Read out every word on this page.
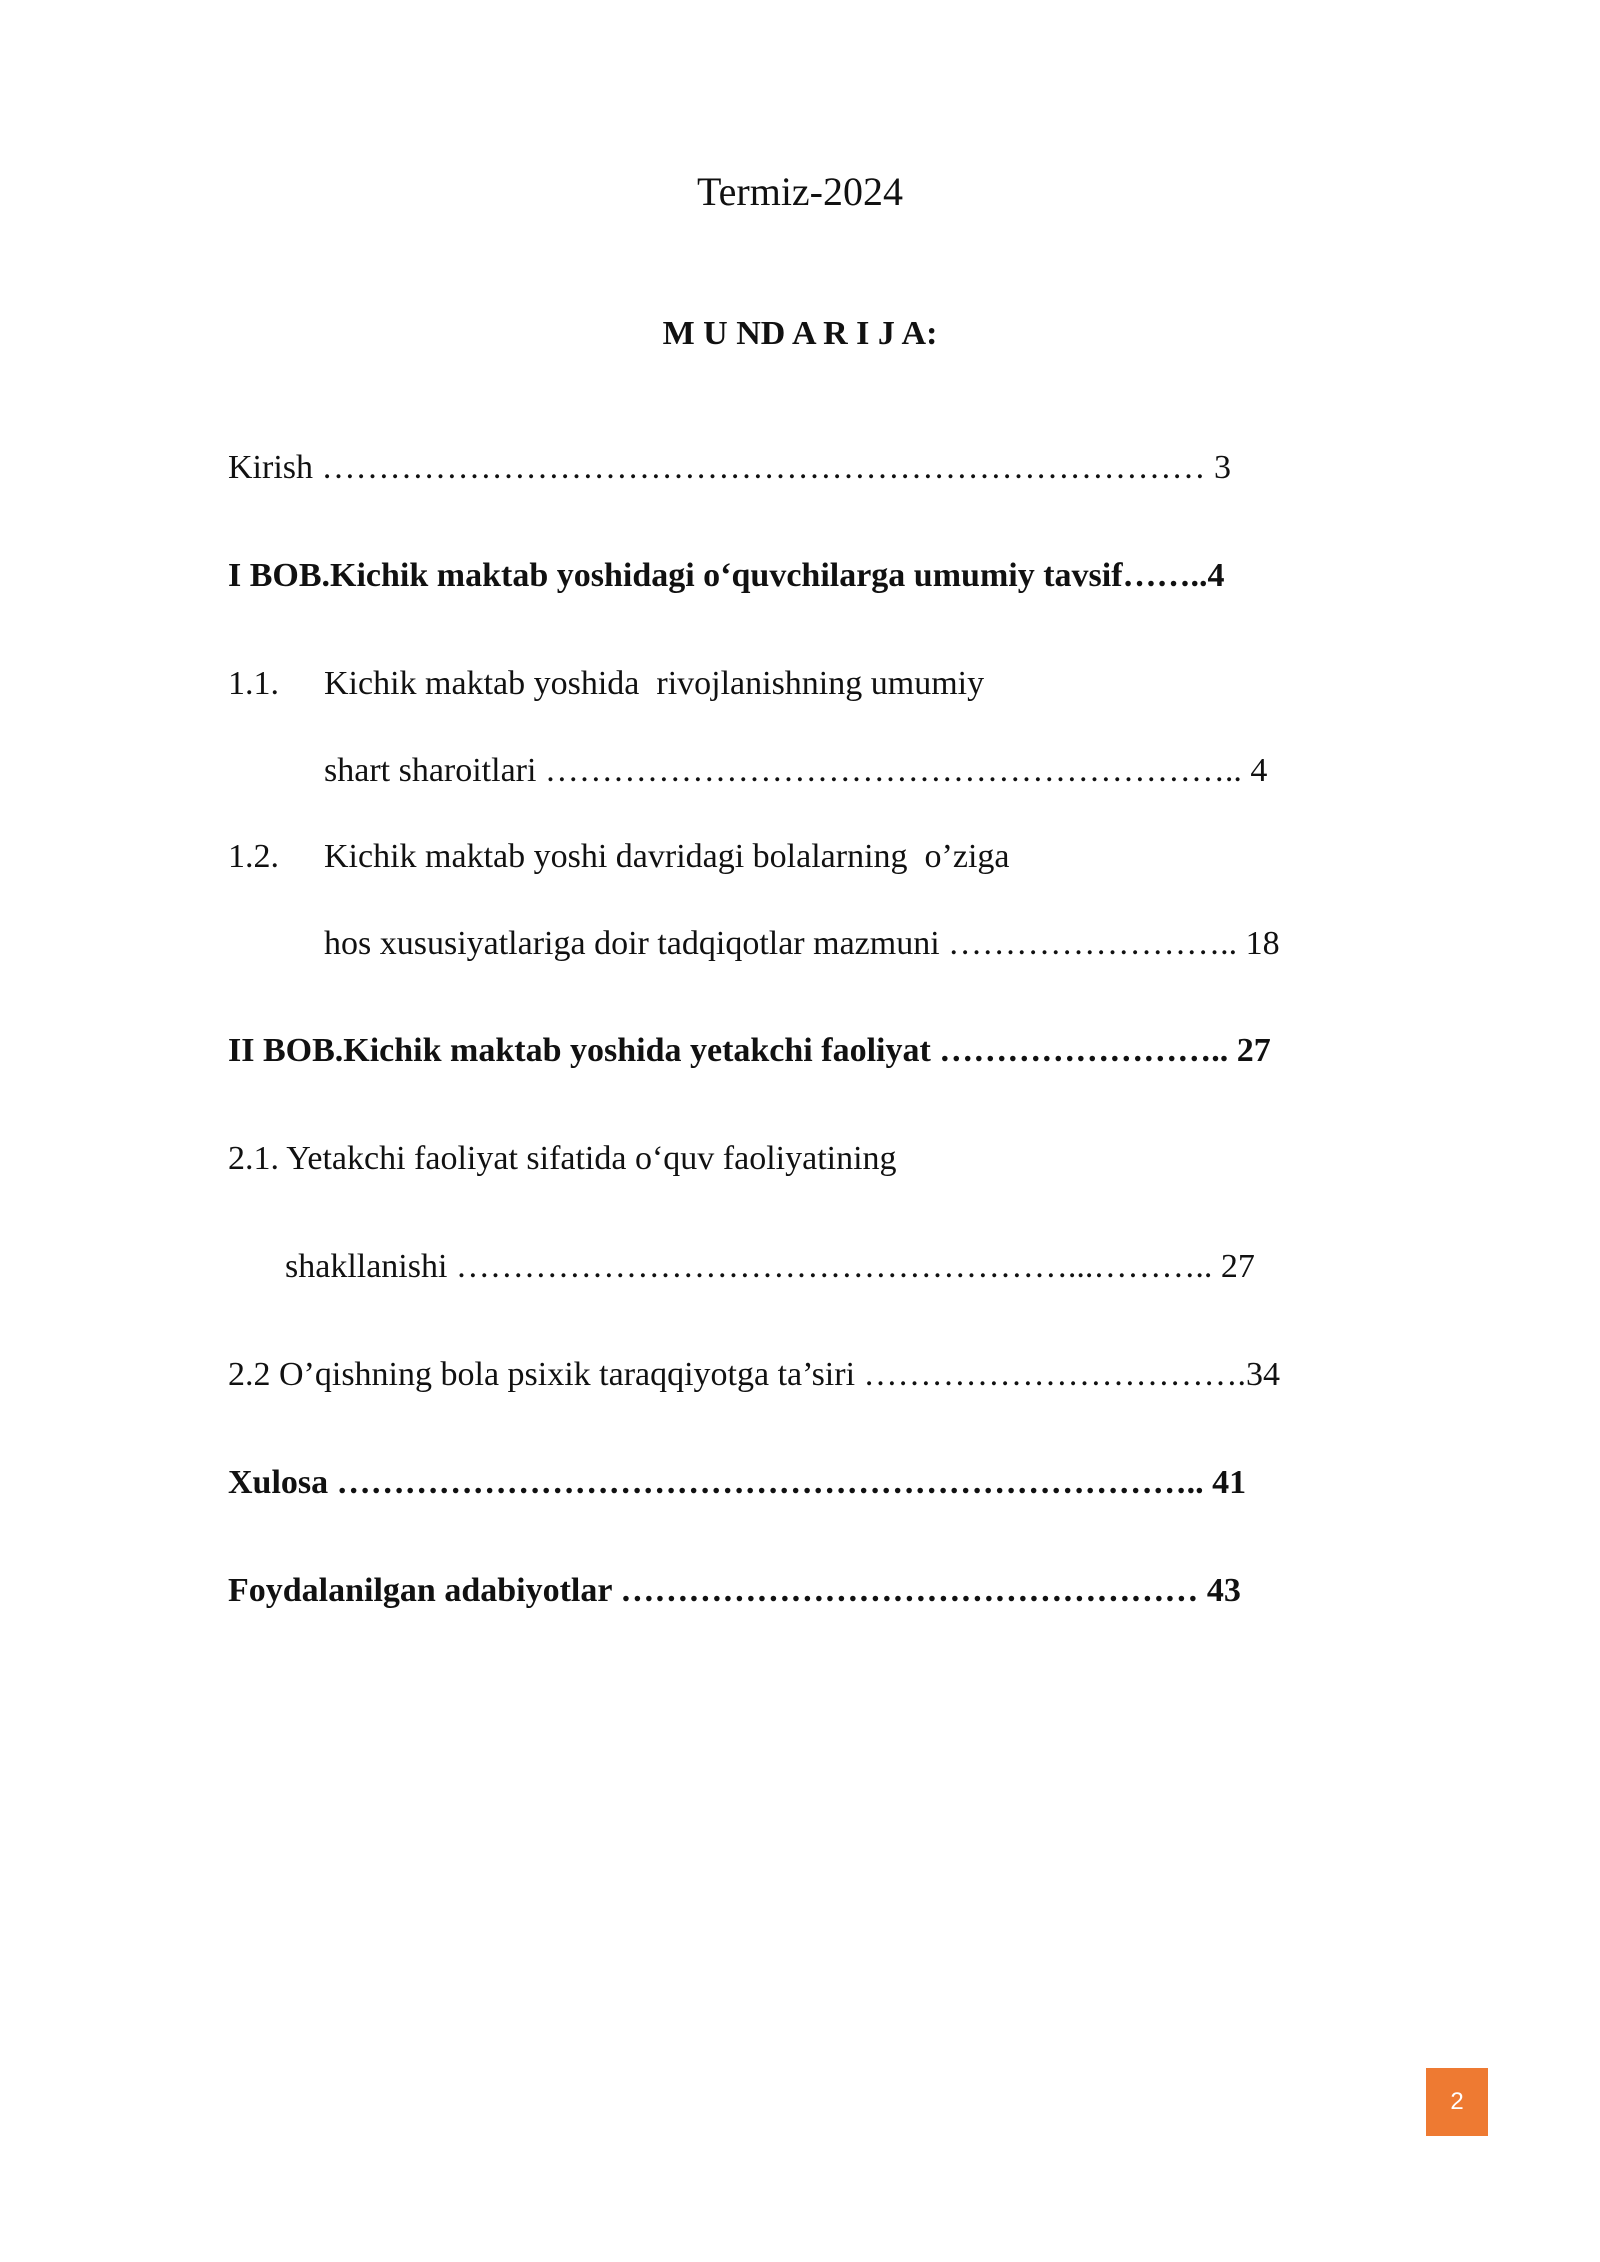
Termiz-2024
M U ND A R I J A:
Kirish …………………………………………………………………… 3
I BOB.Kichik maktab yoshidagi o‘quvchilarga umumiy tavsif……..4
1.1. Kichik maktab yoshida  rivojlanishning umumiy
shart sharoitlari …………………………………………………….. 4
1.2. Kichik maktab yoshi davridagi bolalarning  o’ziga
hos xususiyatlariga doir tadqiqotlar mazmuni …………………….. 18
II BOB.Kichik maktab yoshida yetakchi faoliyat …………………….. 27
2.1. Yetakchi faoliyat sifatida o‘quv faoliyatining
shakllanishi ………………………………………………...……….. 27
2.2 O’qishning bola psixik taraqqiyotga ta’siri …………………………….34
Xulosa ………………………………………………………………….. 41
Foydalanilgan adabiyotlar …………………………………………… 43
2
